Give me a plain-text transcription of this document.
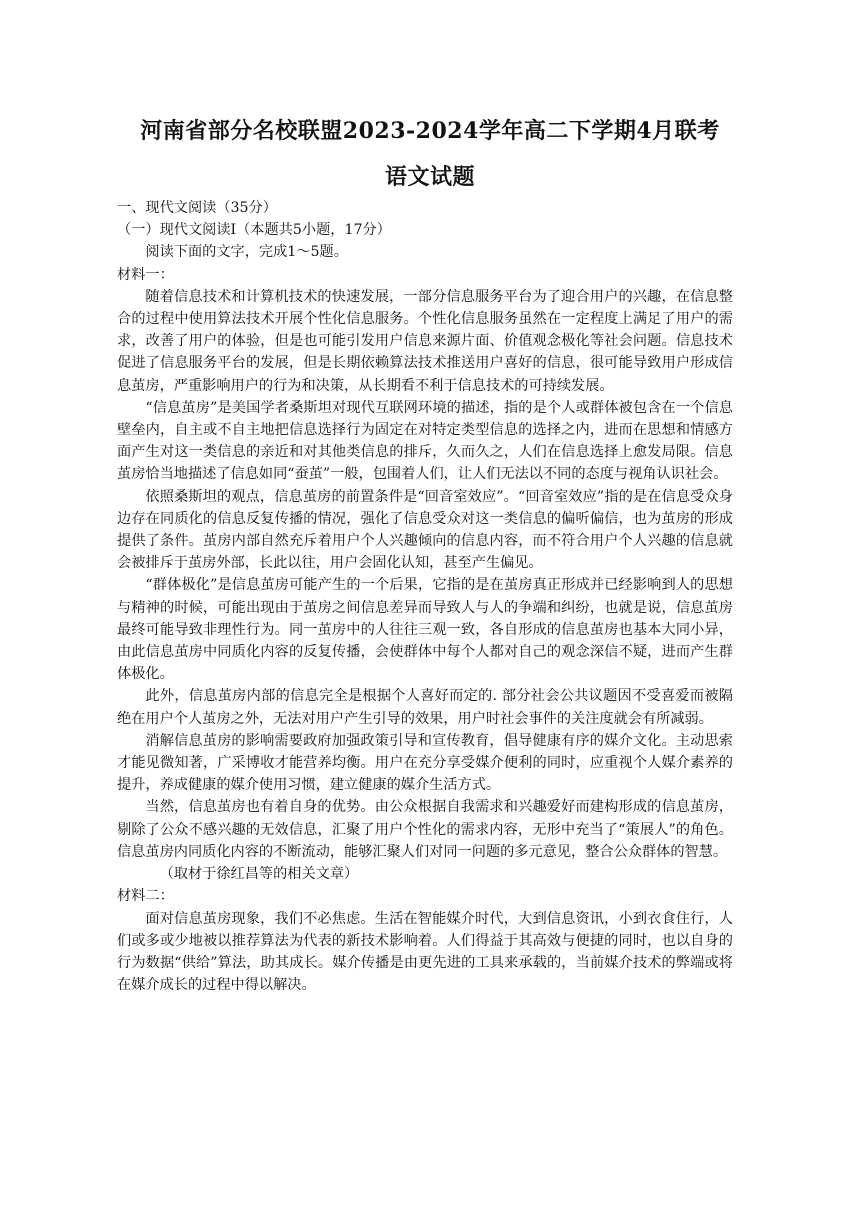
河南省部分名校联盟2023-2024学年高二下学期4月联考
语文试题

一、现代文阅读（35分）

（一）现代文阅读I（本题共5小题，17分）

阅读下面的文字，完成1～5题。

材料一：

随着信息技术和计算机技术的快速发展，一部分信息服务平台为了迎合用户的兴趣，在信息整合的过程中使用算法技术开展个性化信息服务。个性化信息服务虽然在一定程度上满足了用户的需求，改善了用户的体验，但是也可能引发用户信息来源片面、价值观念极化等社会问题。信息技术促进了信息服务平台的发展，但是长期依赖算法技术推送用户喜好的信息，很可能导致用户形成信息茧房，严重影响用户的行为和决策，从长期看不利于信息技术的可持续发展。

“信息茧房”是美国学者桑斯坦对现代互联网环境的描述，指的是个人或群体被包含在一个信息壁垒内，自主或不自主地把信息选择行为固定在对特定类型信息的选择之内，进而在思想和情感方面产生对这一类信息的亲近和对其他类信息的排斥，久而久之，人们在信息选择上愈发局限。信息茧房恰当地描述了信息如同“蚕茧”一般，包围着人们，让人们无法以不同的态度与视角认识社会。

依照桑斯坦的观点，信息茧房的前置条件是“回音室效应”。“回音室效应”指的是在信息受众身边存在同质化的信息反复传播的情况，强化了信息受众对这一类信息的偏听偏信，也为茧房的形成提供了条件。茧房内部自然充斥着用户个人兴趣倾向的信息内容，而不符合用户个人兴趣的信息就会被排斥于茧房外部，长此以往，用户会固化认知，甚至产生偏见。

“群体极化”是信息茧房可能产生的一个后果，它指的是在茧房真正形成并已经影响到人的思想与精神的时候，可能出现由于茧房之间信息差异而导致人与人的争端和纠纷，也就是说，信息茧房最终可能导致非理性行为。同一茧房中的人往往三观一致，各自形成的信息茧房也基本大同小异，由此信息茧房中同质化内容的反复传播，会使群体中每个人都对自己的观念深信不疑，进而产生群体极化。

此外，信息茧房内部的信息完全是根据个人喜好而定的. 部分社会公共议题因不受喜爱而被隔绝在用户个人茧房之外，无法对用户产生引导的效果，用户时社会事件的关注度就会有所减弱。

消解信息茧房的影响需要政府加强政策引导和宣传教育，倡导健康有序的媒介文化。主动思索才能见微知著，广采博收才能营养均衡。用户在充分享受媒介便利的同时，应重视个人媒介素养的提升，养成健康的媒介使用习惯，建立健康的媒介生活方式。

当然，信息茧房也有着自身的优势。由公众根据自我需求和兴趣爱好而建构形成的信息茧房，剔除了公众不感兴趣的无效信息，汇聚了用户个性化的需求内容，无形中充当了“策展人”的角色。信息茧房内同质化内容的不断流动，能够汇聚人们对同一问题的多元意见，整合公众群体的智慧。

（取材于徐红昌等的相关文章）

材料二：

面对信息茧房现象，我们不必焦虑。生活在智能媒介时代，大到信息资讯，小到衣食住行，人们或多或少地被以推荐算法为代表的新技术影响着。人们得益于其高效与便捷的同时，也以自身的行为数据“供给”算法，助其成长。媒介传播是由更先进的工具来承载的，当前媒介技术的弊端或将在媒介成长的过程中得以解决。
